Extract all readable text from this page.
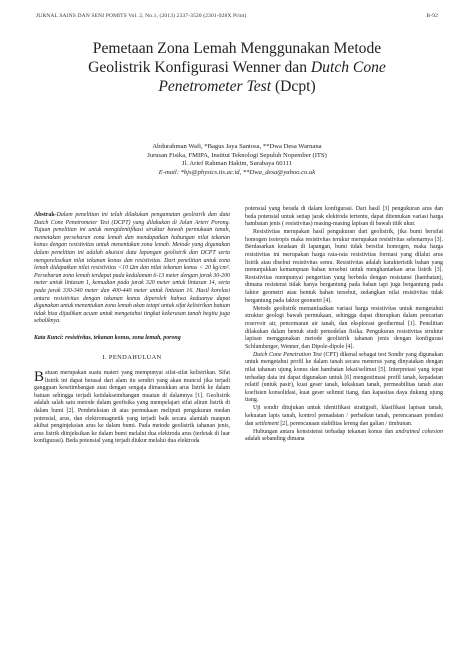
JURNAL SAINS DAN SENI POMITS Vol. 2, No.1, (2013) 2337-3520 (2301-928X Print)	B-92
Pemetaan Zona Lemah Menggunakan Metode
Geolistrik Konfigurasi Wenner dan Dutch Cone
Penetrometer Test (Dcpt)
Abdurahman Wafi, *Bagus Jaya Santosa, **Dwa Desa Warnana
Jurusan Fisika, FMIPA, Institut Teknologi Sepuluh Nopember (ITS)
Jl. Arief Rahman Hakim, Surabaya 60111
E-mail: *bjs@physics.its.ac.id, **Dwa_desa@yahoo.co.uk
Abstrak-Dalam penelitian ini telah dilakukan pengamatan geolistrik dan data Dutch Cone Penetrometer Test (DCPT) yang dilakukan di Jalan Arteri Porong. Tujuan penelitian ini untuk mengidentifikasi struktur bawah permukaan tanah, memetakan persebaran zona lemah dan mendapatkan hubungan nilai tekanan konus dengan resistivitas untuk menentukan zona lemah. Metode yang digunakan dalam penelitian ini adalah akuisisi data lapangan geolistrik dan DCPT serta mengorelasikan nilai tekanan konus dan resistivitas. Dari penelitian untuk zona lemah didapatkan nilai resistivitas <10 Ωm dan nilai tekanan konus < 20 kg/cm². Persebaran zona lemah terdapat pada kedalaman 6-13 meter dengan jarak 30-200 meter untuk lintasan 1, kemudian pada jarak 320 meter untuk lintasan 14, serta pada jarak 330-340 meter dan 400-440 meter untuk lintasan 16. Hasil korelasi antara resistivitas dengan tekanan konus diperoleh bahwa keduanya dapat digunakan untuk menentukan zona lemah akan tetapi untuk sifat kelistrikan batuan tidak bisa dijadikan acuan untuk mengetahui tingkat kekerasan tanah begitu juga sebaliknya.
Kata Kunci: resistivitas, tekanan konus, zona lemah, porong
I. PENDAHULUAN
Batuan merupakan suatu materi yang mempunyai sifat-sifat kelistrikan. Sifat listrik ini dapat berasal dari alam itu sendiri yang akan muncul jika terjadi gangguan kesetimbangan atau dengan sengaja dimasukkan arus listrik ke dalam batuan sehingga terjadi ketidakseimbangan muatan di dalamnya [1]. Geolistrik adalah salah satu metode dalam geofisika yang mempelajari sifat aliran listrik di dalam bumi [2]. Pendeteksian di atas permukaan meliputi pengukuran medan potensial, arus, dan elektromagnetik yang terjadi baik secara alamiah maupun akibat penginjeksian arus ke dalam bumi. Pada metode geolistrik tahanan jenis, arus listrik diinjeksikan ke dalam bumi melalui dua elektroda arus (terletak di luar konfigurasi). Beda potensial yang terjadi diukur melalui dua elektroda
potensial yang berada di dalam konfigurasi. Dari hasil [3] pengukuran arus dan beda potensial untuk setiap jarak elektroda tertentu, dapat ditentukan variasi harga hambatan jenis ( resistivitas) masing-masing lapisan di bawah titik ukur.
Resistivitas merupakan hasil pengukuran dari geolistrik, jika bumi bersifat homogen isotropis maka resistivitas terukur merupakan resistivitas sebenarnya [3]. Berdasarkan keadaan di lapangan, bumi tidak bersifat homogen, maka harga resistivitas ini merupakan harga rata-rata resistivitas formasi yang dilalui arus listrik atau disebut resistivitas semu. Resistivitas adalah karakteristik bahan yang menunjukkan kemampuan bahan tersebut untuk menghantarkan arus listrik [3]. Resistivitas mempunyai pengertian yang berbeda dengan resistansi (hambatan), dimana resistensi tidak hanya bergantung pada bahan tapi juga bergantung pada faktor geometri atau bentuk bahan tersebut, sedangkan nilai resistivitas tidak bergantung pada faktor geometri [4].
Metode geolistrik memanfaatkan variasi harga resistivitas untuk mengetahui struktur geologi bawah permukaan, sehingga dapat diterapkan dalam pencarian reservoir air, pencemaran air tanah, dan eksplorasi geothermal [1]. Penelitian dilakukan dalam bentuk studi pemodelan fisika. Pengukuran resistivitas struktur lapisan menggunakan metode geolistrik tahanan jenis dengan konfigurasi Schlumberger, Wenner, dan Dipole-dipole [4].
Dutch Cone Penetration Test (CPT) dikenal sebagai test Sondir yang digunakan untuk mengetahui profil ke dalam tanah secara menerus yang dinyatakan dengan nilai tahanan ujung konus dan hambatan lekat/selimut [5]. Interpretasi yang tepat terhadap data ini dapat digunakan untuk [6] mengestimasi profil tanah, kepadatan relatif (untuk pasir), kuat geser tanah, kekakuan tanah, permeabilitas tanah atau koefisien konsolidasi, kuat geser selimut tiang, dan kapasitas daya dukung ujung tiang.
Uji sondir ditujukan untuk identifikasi stratigrafi, klasifikasi lapisan tanah, kekuatan lapis tanah, kontrol pemadatan / perbaikan tanah, perencanaan pondasi dan settlement [2], perencanaan stabilitas lereng dan galian / timbunan.
Hubungan antara konsistensi terhadap tekanan konus dan undrained cohesion adalah sebanding dimana
